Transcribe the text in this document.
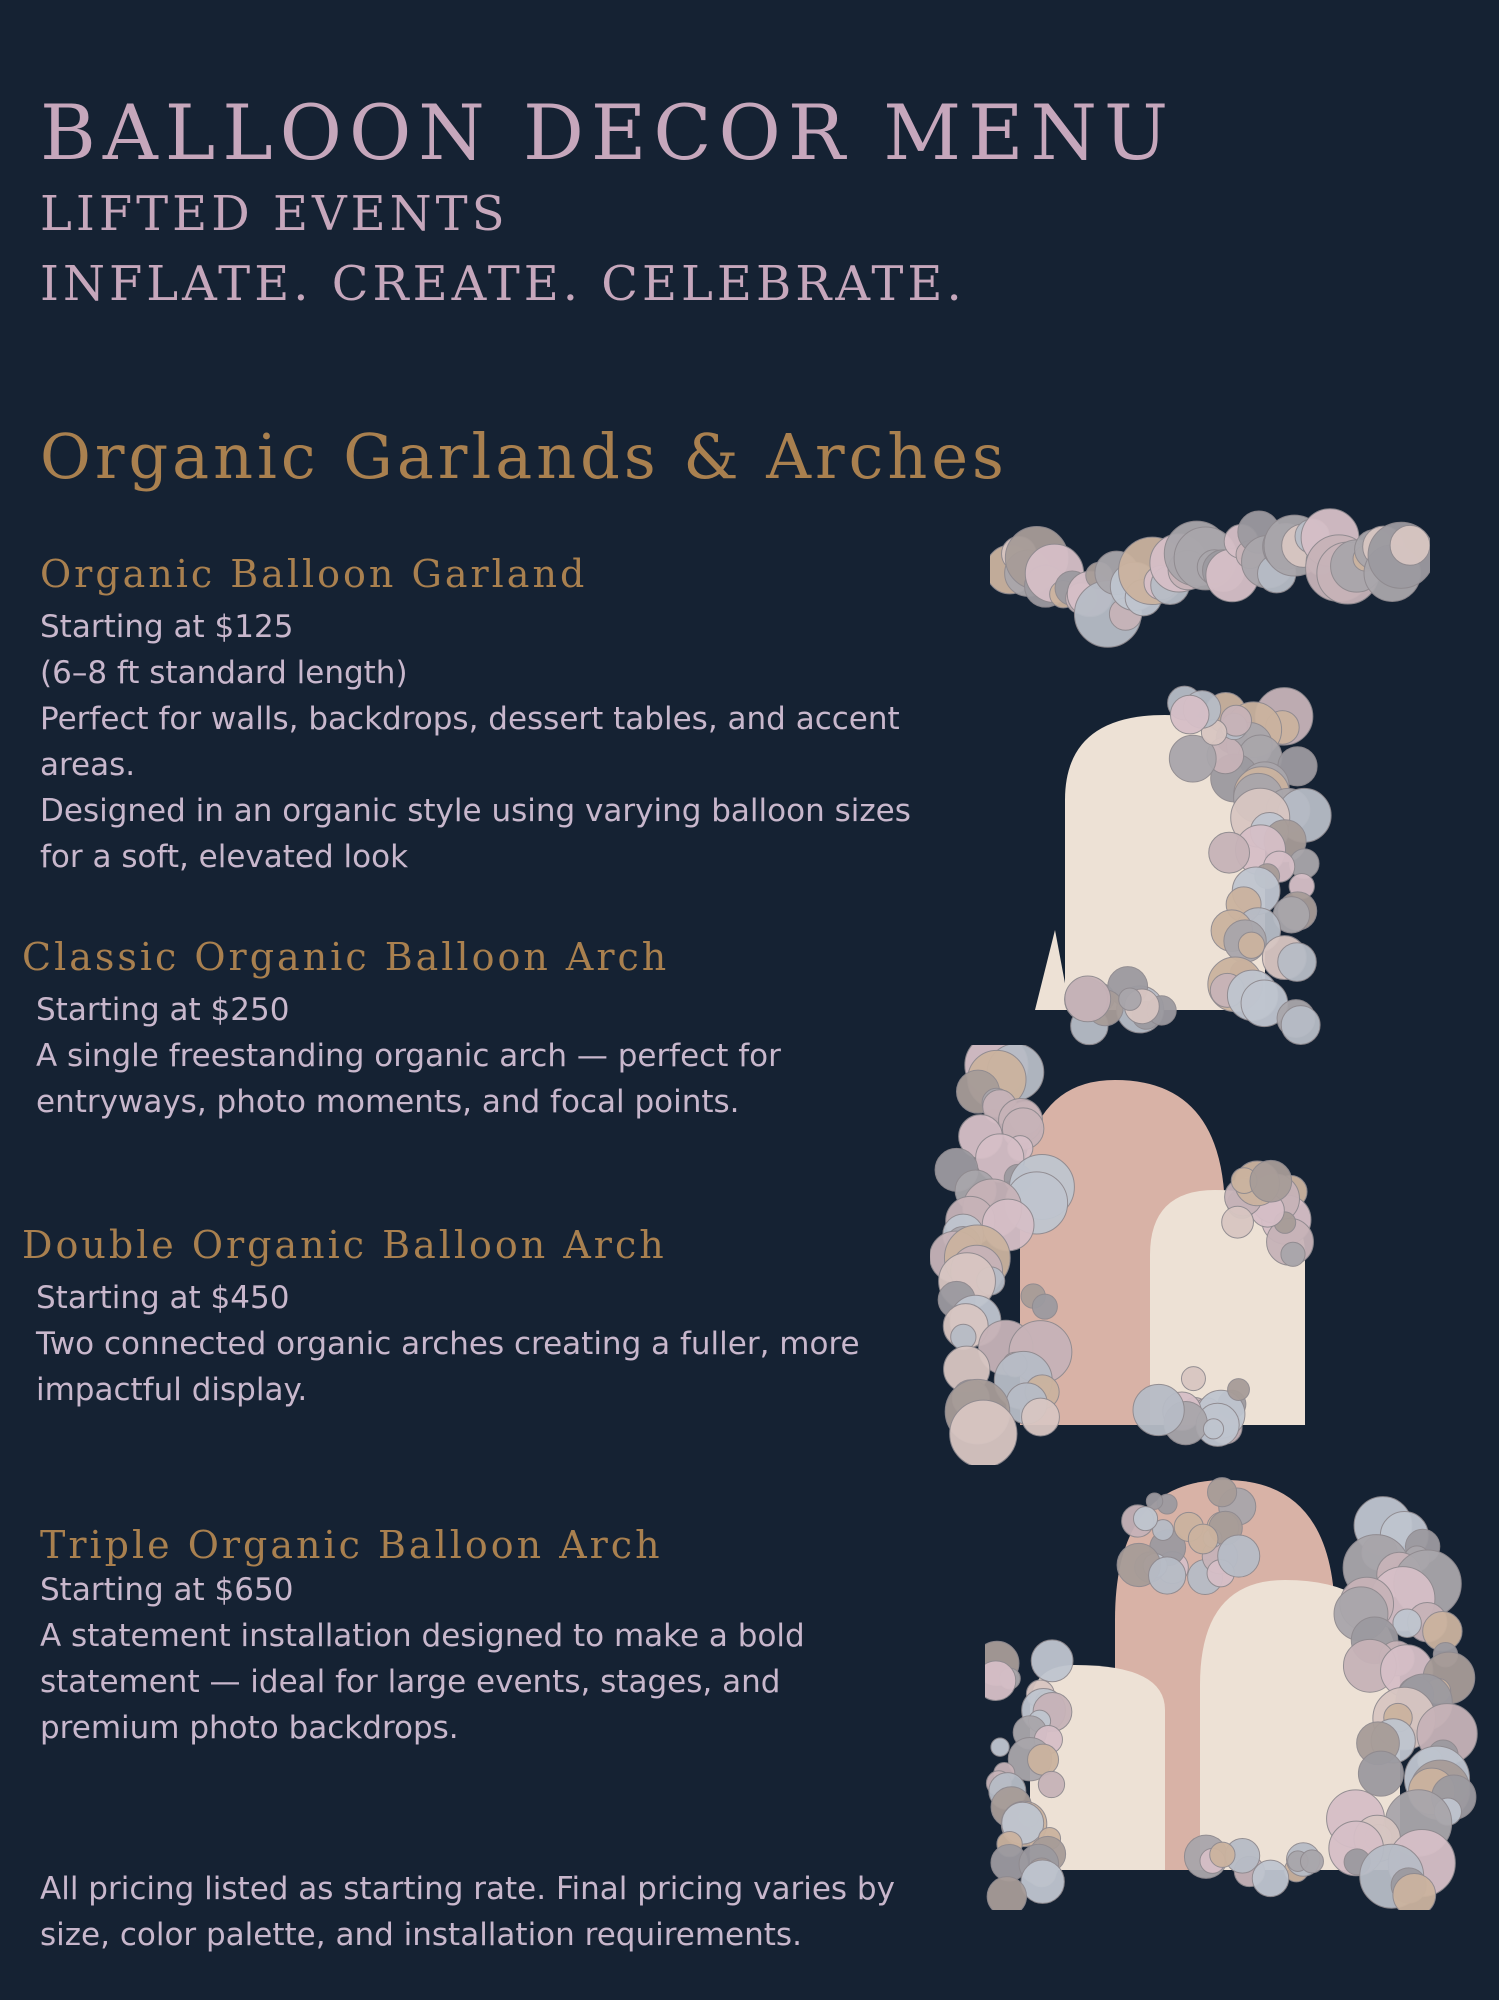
BALLOON DECOR MENU
LIFTED EVENTS
INFLATE. CREATE. CELEBRATE.
Organic Garlands & Arches
Organic Balloon Garland

Starting at $125

(6–8 ft standard length)

Perfect for walls, backdrops, dessert tables, and accent areas.

Designed in an organic style using varying balloon sizes for a soft, elevated look

Classic Organic Balloon Arch

Starting at $250

A single freestanding organic arch — perfect for entryways, photo moments, and focal points.

Double Organic Balloon Arch

Starting at $450

Two connected organic arches creating a fuller, more impactful display.

Triple Organic Balloon Arch

Starting at $650

A statement installation designed to make a bold statement — ideal for large events, stages, and premium photo backdrops.

All pricing listed as starting rate. Final pricing varies by size, color palette, and installation requirements.
